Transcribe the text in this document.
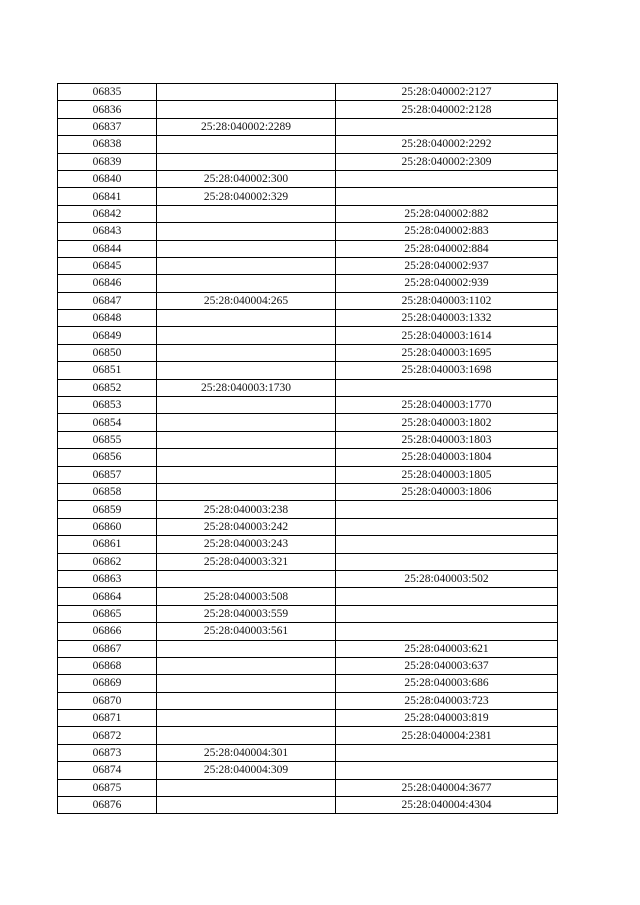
06835		25:28:040002:2127
06836		25:28:040002:2128
06837	25:28:040002:2289	
06838		25:28:040002:2292
06839		25:28:040002:2309
06840	25:28:040002:300	
06841	25:28:040002:329	
06842		25:28:040002:882
06843		25:28:040002:883
06844		25:28:040002:884
06845		25:28:040002:937
06846		25:28:040002:939
06847	25:28:040004:265	25:28:040003:1102
06848		25:28:040003:1332
06849		25:28:040003:1614
06850		25:28:040003:1695
06851		25:28:040003:1698
06852	25:28:040003:1730	
06853		25:28:040003:1770
06854		25:28:040003:1802
06855		25:28:040003:1803
06856		25:28:040003:1804
06857		25:28:040003:1805
06858		25:28:040003:1806
06859	25:28:040003:238	
06860	25:28:040003:242	
06861	25:28:040003:243	
06862	25:28:040003:321	
06863		25:28:040003:502
06864	25:28:040003:508	
06865	25:28:040003:559	
06866	25:28:040003:561	
06867		25:28:040003:621
06868		25:28:040003:637
06869		25:28:040003:686
06870		25:28:040003:723
06871		25:28:040003:819
06872		25:28:040004:2381
06873	25:28:040004:301	
06874	25:28:040004:309	
06875		25:28:040004:3677
06876		25:28:040004:4304
